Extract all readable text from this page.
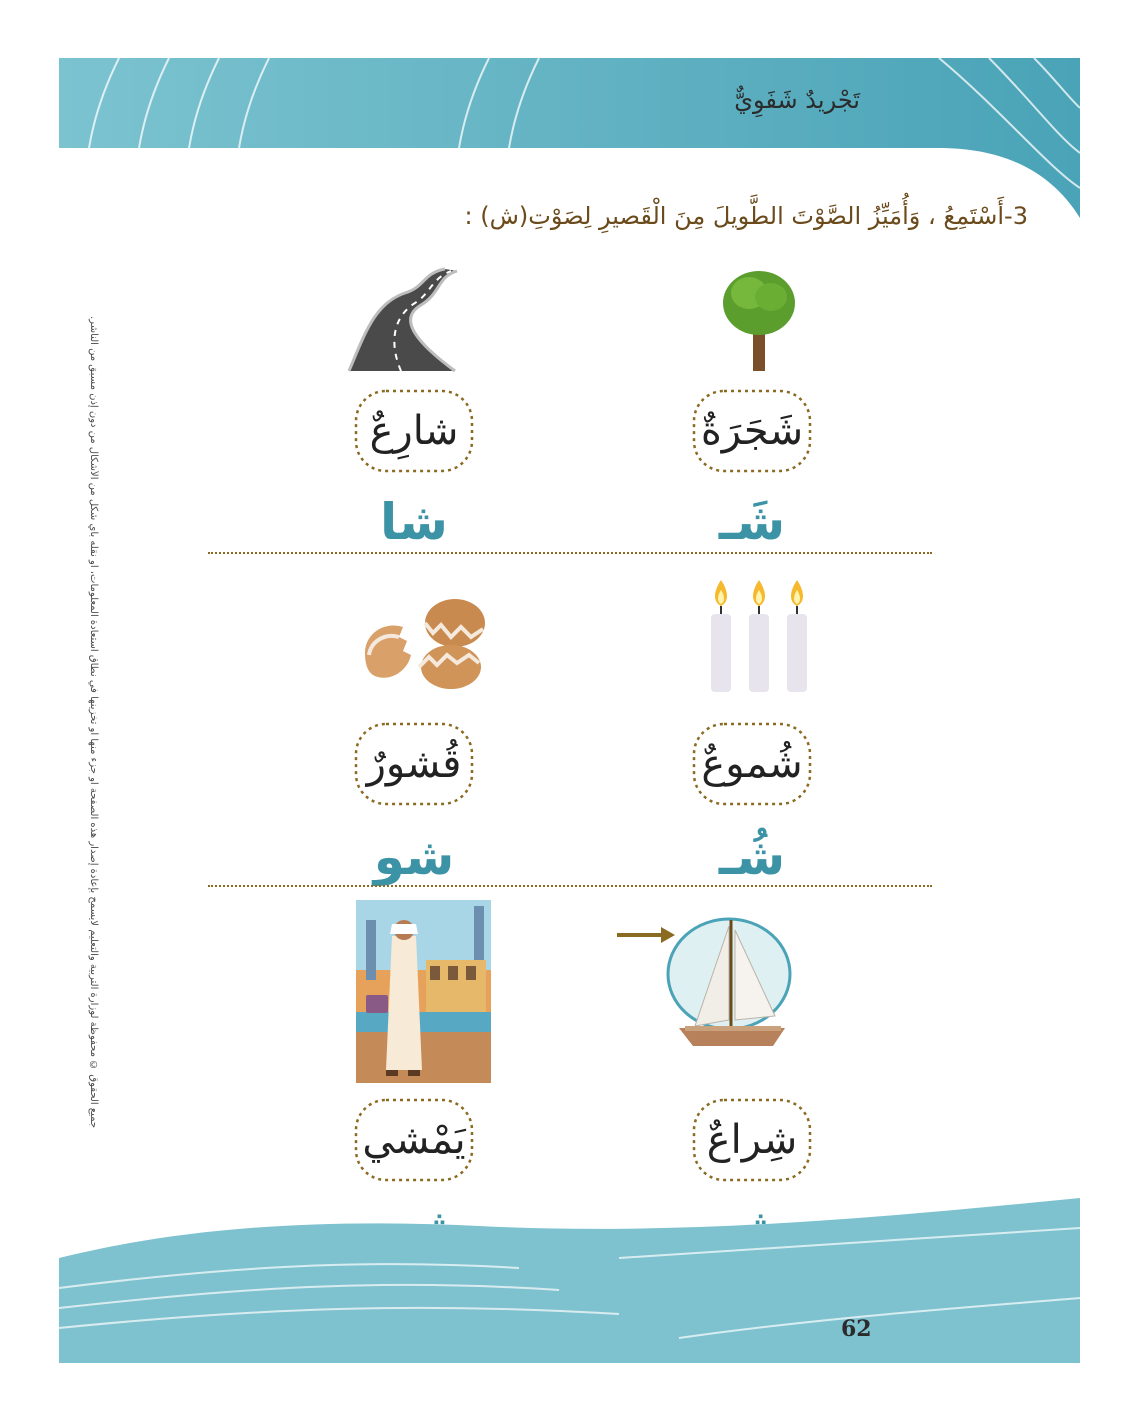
تَجْريدٌ شَفَوِيٌّ
3-أَسْتَمِعُ ، وَأُمَيِّزُ الصَّوْتَ الطَّويلَ مِنَ الْقَصيرِ لِصَوْتِ(ش) :
جميع الحقوق © محفوظة لوزارة التربية والتعليم لايسمح بإعادة إصدار هذه الصفحة أو جزء منها أو تخزينها في نطاق استعادة المعلومات، أو نقله بأي شكل من الأشكال من دون إذن مسبق من الناشر.	شَجَرَةٌ
شارِعٌ
شَـ
شا
شُموعٌ
قُشورٌ
شُـ
شو
شِراعٌ
يَمْشي
62
